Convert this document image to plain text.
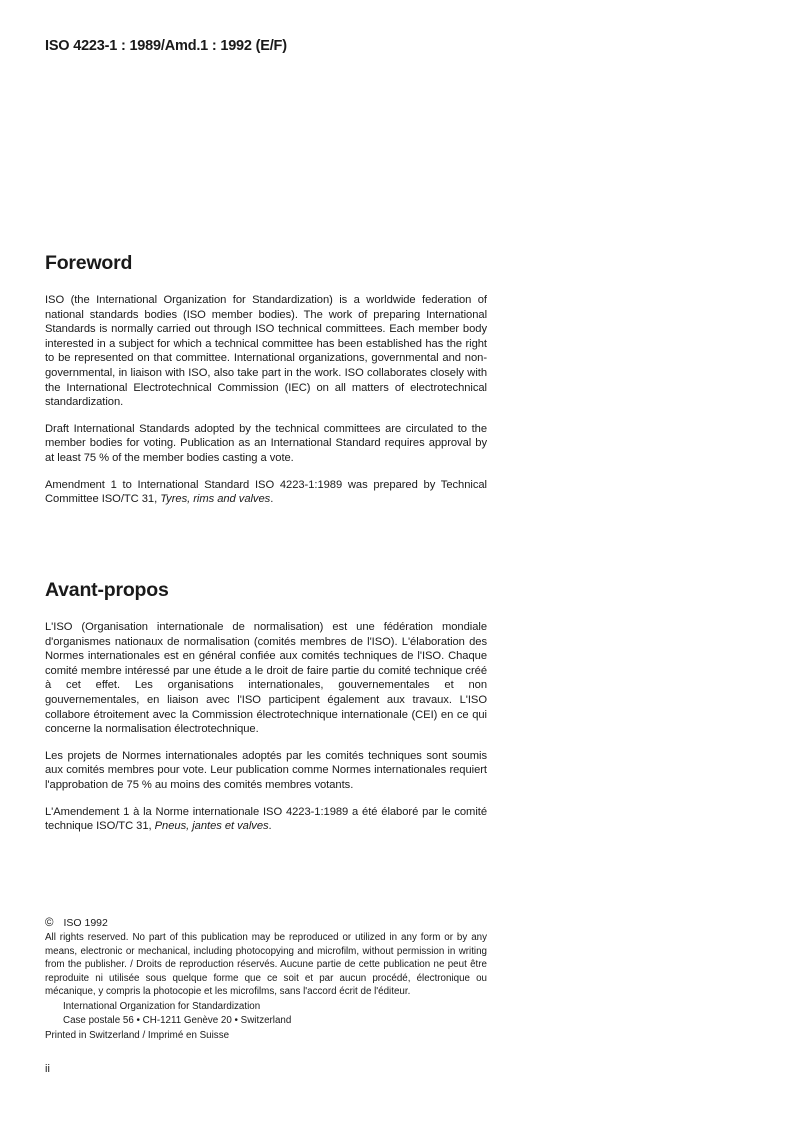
ISO 4223-1 : 1989/Amd.1 : 1992 (E/F)
Foreword

ISO (the International Organization for Standardization) is a worldwide federation of national standards bodies (ISO member bodies). The work of preparing International Standards is normally carried out through ISO technical committees. Each member body interested in a subject for which a technical committee has been established has the right to be represented on that committee. International organizations, governmental and non-governmental, in liaison with ISO, also take part in the work. ISO collaborates closely with the International Electrotechnical Commission (IEC) on all matters of electrotechnical standardization.

Draft International Standards adopted by the technical committees are circulated to the member bodies for voting. Publication as an International Standard requires approval by at least 75 % of the member bodies casting a vote.

Amendment 1 to International Standard ISO 4223-1:1989 was prepared by Technical Committee ISO/TC 31, Tyres, rims and valves.

Avant-propos

L'ISO (Organisation internationale de normalisation) est une fédération mondiale d'organismes nationaux de normalisation (comités membres de l'ISO). L'élaboration des Normes internationales est en général confiée aux comités techniques de l'ISO. Chaque comité membre intéressé par une étude a le droit de faire partie du comité technique créé à cet effet. Les organisations internationales, gouvernementales et non gouvernementales, en liaison avec l'ISO participent également aux travaux. L'ISO collabore étroitement avec la Commission électrotechnique internationale (CEI) en ce qui concerne la normalisation électrotechnique.

Les projets de Normes internationales adoptés par les comités techniques sont soumis aux comités membres pour vote. Leur publication comme Normes internationales requiert l'approbation de 75 % au moins des comités membres votants.

L'Amendement 1 à la Norme internationale ISO 4223-1:1989 a été élaboré par le comité technique ISO/TC 31, Pneus, jantes et valves.

© ISO 1992

All rights reserved. No part of this publication may be reproduced or utilized in any form or by any means, electronic or mechanical, including photocopying and microfilm, without permission in writing from the publisher. / Droits de reproduction réservés. Aucune partie de cette publication ne peut être reproduite ni utilisée sous quelque forme que ce soit et par aucun procédé, électronique ou mécanique, y compris la photocopie et les microfilms, sans l'accord écrit de l'éditeur.

International Organization for Standardization
Case postale 56 • CH-1211 Genève 20 • Switzerland
Printed in Switzerland / Imprimé en Suisse
ii
